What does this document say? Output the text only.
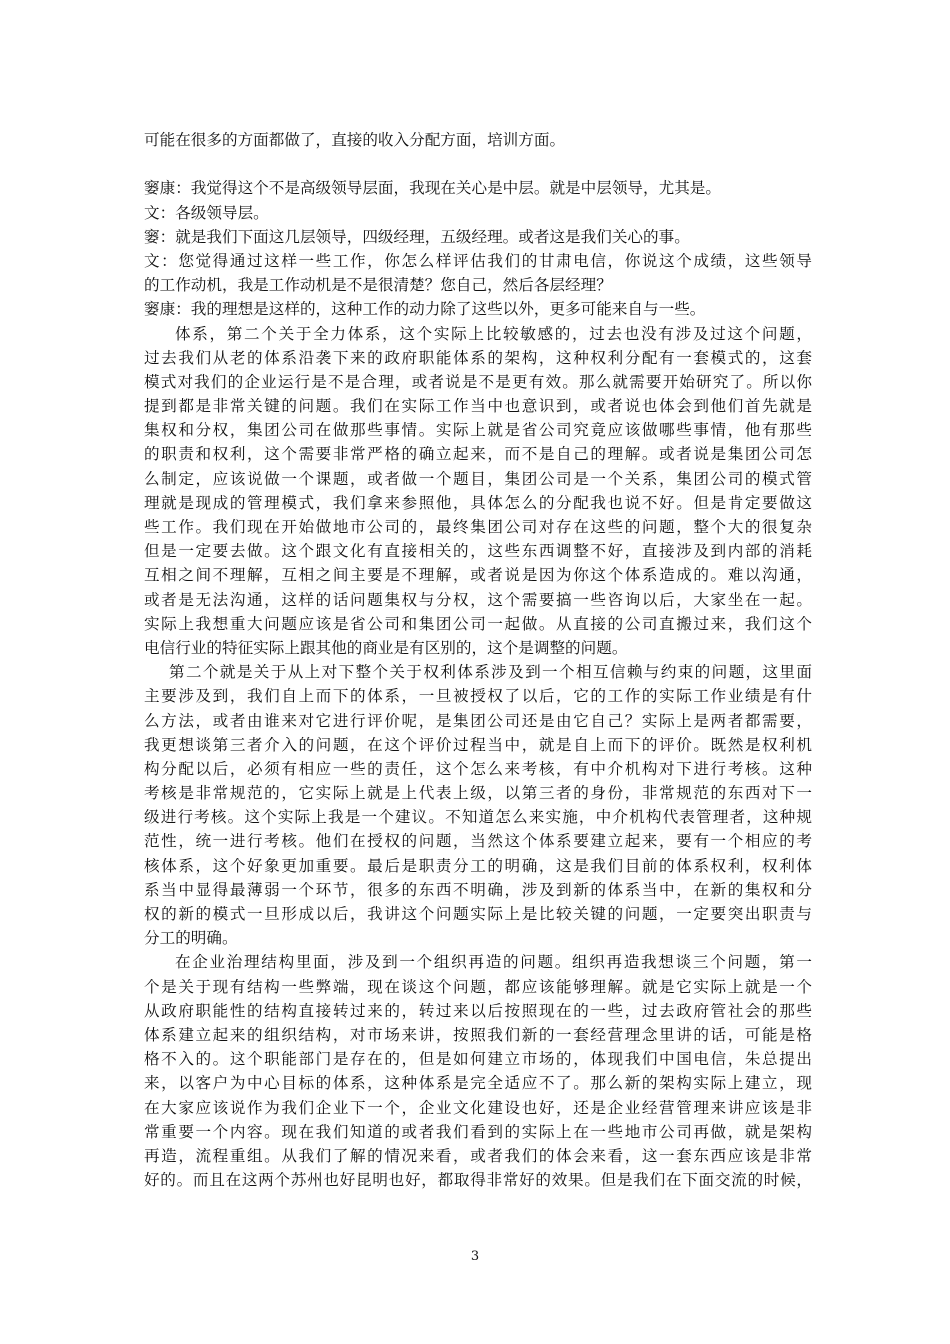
可能在很多的方面都做了，直接的收入分配方面，培训方面。
窭康：我觉得这个不是高级领导层面，我现在关心是中层。就是中层领导，尤其是。
文：各级领导层。
窭：就是我们下面这几层领导，四级经理，五级经理。或者这是我们关心的事。
文：您觉得通过这样一些工作，你怎么样评估我们的甘肃电信，你说这个成绩，这些领导
的工作动机，我是工作动机是不是很清楚？您自己，然后各层经理？
窭康：我的理想是这样的，这种工作的动力除了这些以外，更多可能来自与一些。
体系，第二个关于全力体系，这个实际上比较敏感的，过去也没有涉及过这个问题，
过去我们从老的体系沿袭下来的政府职能体系的架构，这种权利分配有一套模式的，这套
模式对我们的企业运行是不是合理，或者说是不是更有效。那么就需要开始研究了。所以你
提到都是非常关键的问题。我们在实际工作当中也意识到，或者说也体会到他们首先就是
集权和分权，集团公司在做那些事情。实际上就是省公司究竟应该做哪些事情，他有那些
的职责和权利，这个需要非常严格的确立起来，而不是自己的理解。或者说是集团公司怎
么制定，应该说做一个课题，或者做一个题目，集团公司是一个关系，集团公司的模式管
理就是现成的管理模式，我们拿来参照他，具体怎么的分配我也说不好。但是肯定要做这
些工作。我们现在开始做地市公司的，最终集团公司对存在这些的问题，整个大的很复杂
但是一定要去做。这个跟文化有直接相关的，这些东西调整不好，直接涉及到内部的消耗
互相之间不理解，互相之间主要是不理解，或者说是因为你这个体系造成的。难以沟通，
或者是无法沟通，这样的话问题集权与分权，这个需要搞一些咨询以后，大家坐在一起。
实际上我想重大问题应该是省公司和集团公司一起做。从直接的公司直搬过来，我们这个
电信行业的特征实际上跟其他的商业是有区别的，这个是调整的问题。
第二个就是关于从上对下整个关于权利体系涉及到一个相互信赖与约束的问题，这里面
主要涉及到，我们自上而下的体系，一旦被授权了以后，它的工作的实际工作业绩是有什
么方法，或者由谁来对它进行评价呢，是集团公司还是由它自己？实际上是两者都需要，
我更想谈第三者介入的问题，在这个评价过程当中，就是自上而下的评价。既然是权利机
构分配以后，必须有相应一些的责任，这个怎么来考核，有中介机构对下进行考核。这种
考核是非常规范的，它实际上就是上代表上级，以第三者的身份，非常规范的东西对下一
级进行考核。这个实际上我是一个建议。不知道怎么来实施，中介机构代表管理者，这种规
范性，统一进行考核。他们在授权的问题，当然这个体系要建立起来，要有一个相应的考
核体系，这个好象更加重要。最后是职责分工的明确，这是我们目前的体系权利，权利体
系当中显得最薄弱一个环节，很多的东西不明确，涉及到新的体系当中，在新的集权和分
权的新的模式一旦形成以后，我讲这个问题实际上是比较关键的问题，一定要突出职责与
分工的明确。
在企业治理结构里面，涉及到一个组织再造的问题。组织再造我想谈三个问题，第一
个是关于现有结构一些弊端，现在谈这个问题，都应该能够理解。就是它实际上就是一个
从政府职能性的结构直接转过来的，转过来以后按照现在的一些，过去政府管社会的那些
体系建立起来的组织结构，对市场来讲，按照我们新的一套经营理念里讲的话，可能是格
格不入的。这个职能部门是存在的，但是如何建立市场的，体现我们中国电信，朱总提出
来，以客户为中心目标的体系，这种体系是完全适应不了。那么新的架构实际上建立，现
在大家应该说作为我们企业下一个，企业文化建设也好，还是企业经营管理来讲应该是非
常重要一个内容。现在我们知道的或者我们看到的实际上在一些地市公司再做，就是架构
再造，流程重组。从我们了解的情况来看，或者我们的体会来看，这一套东西应该是非常
好的。而且在这两个苏州也好昆明也好，都取得非常好的效果。但是我们在下面交流的时候，
3
